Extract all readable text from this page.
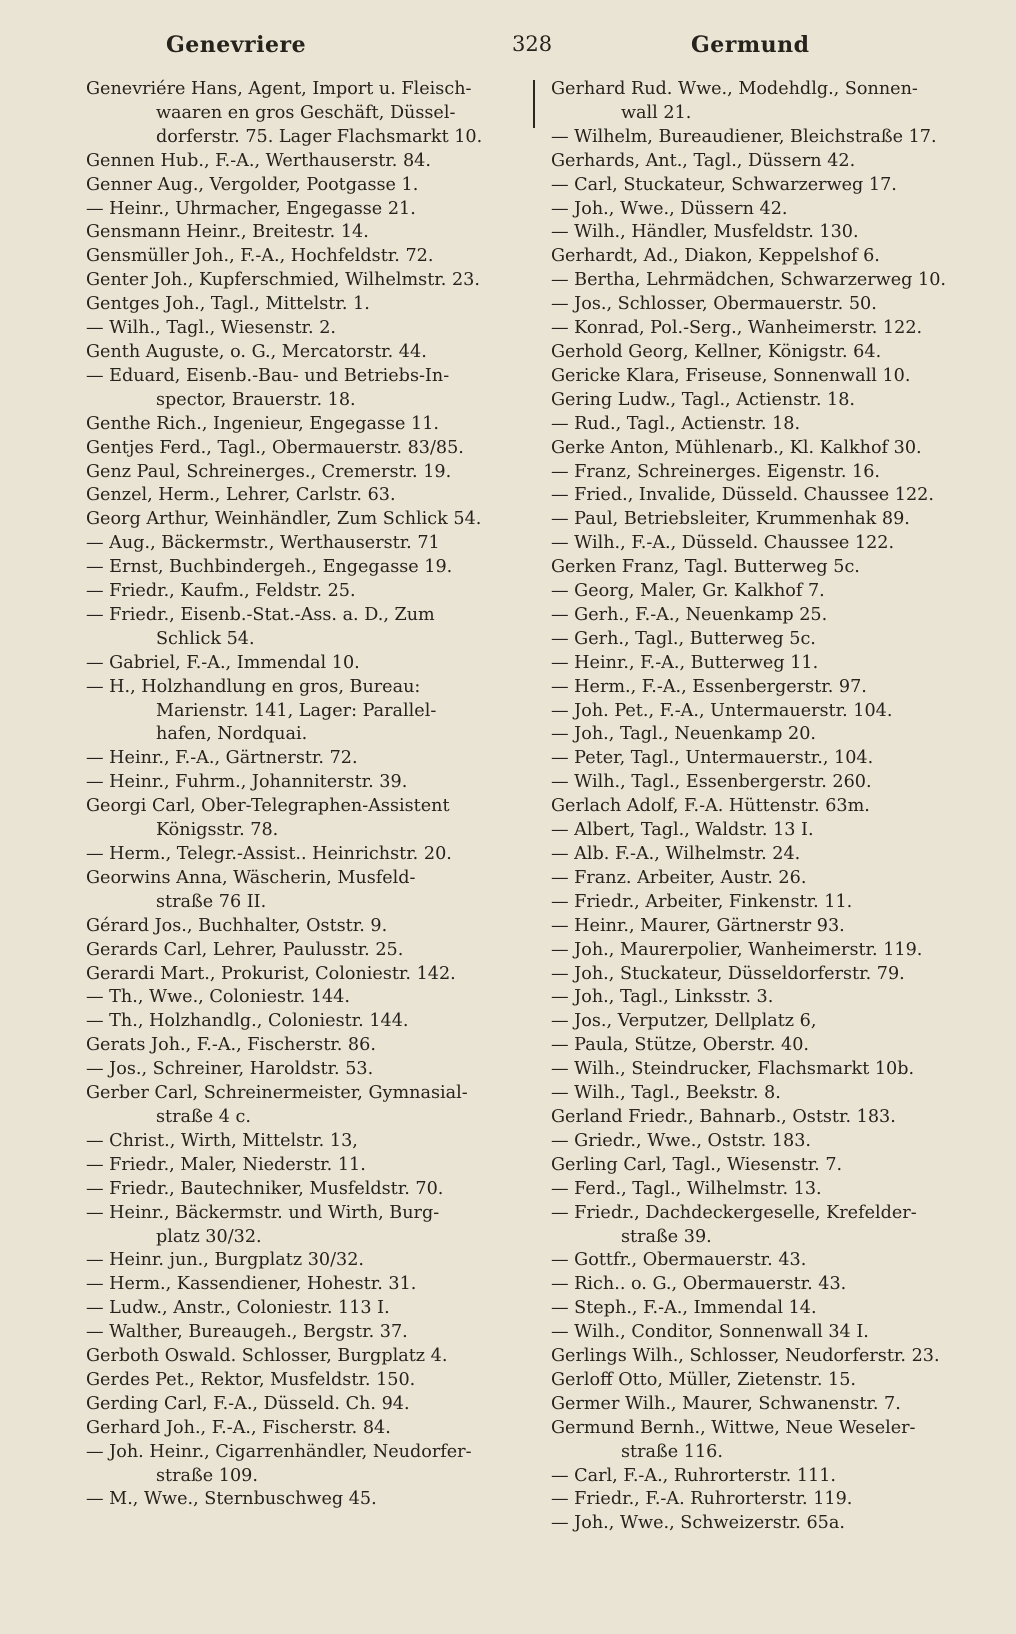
Genevriere	328	Germund

Genevriére Hans, Agent, Import u. Fleisch-
waaren en gros Geschäft, Düssel-
dorferstr. 75. Lager Flachsmarkt 10.

Gennen Hub., F.-A., Werthauserstr. 84.

Genner Aug., Vergolder, Pootgasse 1.

— Heinr., Uhrmacher, Engegasse 21.

Gensmann Heinr., Breitestr. 14.

Gensmüller Joh., F.-A., Hochfeldstr. 72.

Genter Joh., Kupferschmied, Wilhelmstr. 23.

Gentges Joh., Tagl., Mittelstr. 1.

— Wilh., Tagl., Wiesenstr. 2.

Genth Auguste, o. G., Mercatorstr. 44.

— Eduard, Eisenb.-Bau- und Betriebs-In-
spector, Brauerstr. 18.

Genthe Rich., Ingenieur, Engegasse 11.

Gentjes Ferd., Tagl., Obermauerstr. 83/85.

Genz Paul, Schreinerges., Cremerstr. 19.

Genzel, Herm., Lehrer, Carlstr. 63.

Georg Arthur, Weinhändler, Zum Schlick 54.

— Aug., Bäckermstr., Werthauserstr. 71

— Ernst, Buchbindergeh., Engegasse 19.

— Friedr., Kaufm., Feldstr. 25.

— Friedr., Eisenb.-Stat.-Ass. a. D., Zum
Schlick 54.

— Gabriel, F.-A., Immendal 10.

— H., Holzhandlung en gros, Bureau:
Marienstr. 141, Lager: Parallel-
hafen, Nordquai.

— Heinr., F.-A., Gärtnerstr. 72.

— Heinr., Fuhrm., Johanniterstr. 39.

Georgi Carl, Ober-Telegraphen-Assistent
Königsstr. 78.

— Herm., Telegr.-Assist.. Heinrichstr. 20.

Georwins Anna, Wäscherin, Musfeld-
straße 76 II.

Gérard Jos., Buchhalter, Oststr. 9.

Gerards Carl, Lehrer, Paulusstr. 25.

Gerardi Mart., Prokurist, Coloniestr. 142.

— Th., Wwe., Coloniestr. 144.

— Th., Holzhandlg., Coloniestr. 144.

Gerats Joh., F.-A., Fischerstr. 86.

— Jos., Schreiner, Haroldstr. 53.

Gerber Carl, Schreinermeister, Gymnasial-
straße 4 c.

— Christ., Wirth, Mittelstr. 13,

— Friedr., Maler, Niederstr. 11.

— Friedr., Bautechniker, Musfeldstr. 70.

— Heinr., Bäckermstr. und Wirth, Burg-
platz 30/32.

— Heinr. jun., Burgplatz 30/32.

— Herm., Kassendiener, Hohestr. 31.

— Ludw., Anstr., Coloniestr. 113 I.

— Walther, Bureaugeh., Bergstr. 37.

Gerboth Oswald. Schlosser, Burgplatz 4.

Gerdes Pet., Rektor, Musfeldstr. 150.

Gerding Carl, F.-A., Düsseld. Ch. 94.

Gerhard Joh., F.-A., Fischerstr. 84.

— Joh. Heinr., Cigarrenhändler, Neudorfer-
straße 109.

— M., Wwe., Sternbuschweg 45.

Gerhard Rud. Wwe., Modehdlg., Sonnen-
wall 21.

— Wilhelm, Bureaudiener, Bleichstraße 17.

Gerhards, Ant., Tagl., Düssern 42.

— Carl, Stuckateur, Schwarzerweg 17.

— Joh., Wwe., Düssern 42.

— Wilh., Händler, Musfeldstr. 130.

Gerhardt, Ad., Diakon, Keppelshof 6.

— Bertha, Lehrmädchen, Schwarzerweg 10.

— Jos., Schlosser, Obermauerstr. 50.

— Konrad, Pol.-Serg., Wanheimerstr. 122.

Gerhold Georg, Kellner, Königstr. 64.

Gericke Klara, Friseuse, Sonnenwall 10.

Gering Ludw., Tagl., Actienstr. 18.

— Rud., Tagl., Actienstr. 18.

Gerke Anton, Mühlenarb., Kl. Kalkhof 30.

— Franz, Schreinerges. Eigenstr. 16.

— Fried., Invalide, Düsseld. Chaussee 122.

— Paul, Betriebsleiter, Krummenhak 89.

— Wilh., F.-A., Düsseld. Chaussee 122.

Gerken Franz, Tagl. Butterweg 5c.

— Georg, Maler, Gr. Kalkhof 7.

— Gerh., F.-A., Neuenkamp 25.

— Gerh., Tagl., Butterweg 5c.

— Heinr., F.-A., Butterweg 11.

— Herm., F.-A., Essenbergerstr. 97.

— Joh. Pet., F.-A., Untermauerstr. 104.

— Joh., Tagl., Neuenkamp 20.

— Peter, Tagl., Untermauerstr., 104.

— Wilh., Tagl., Essenbergerstr. 260.

Gerlach Adolf, F.-A. Hüttenstr. 63m.

— Albert, Tagl., Waldstr. 13 I.

— Alb. F.-A., Wilhelmstr. 24.

— Franz. Arbeiter, Austr. 26.

— Friedr., Arbeiter, Finkenstr. 11.

— Heinr., Maurer, Gärtnerstr 93.

— Joh., Maurerpolier, Wanheimerstr. 119.

— Joh., Stuckateur, Düsseldorferstr. 79.

— Joh., Tagl., Linksstr. 3.

— Jos., Verputzer, Dellplatz 6,

— Paula, Stütze, Oberstr. 40.

— Wilh., Steindrucker, Flachsmarkt 10b.

— Wilh., Tagl., Beekstr. 8.

Gerland Friedr., Bahnarb., Oststr. 183.

— Griedr., Wwe., Oststr. 183.

Gerling Carl, Tagl., Wiesenstr. 7.

— Ferd., Tagl., Wilhelmstr. 13.

— Friedr., Dachdeckergeselle, Krefelder-
straße 39.

— Gottfr., Obermauerstr. 43.

— Rich.. o. G., Obermauerstr. 43.

— Steph., F.-A., Immendal 14.

— Wilh., Conditor, Sonnenwall 34 I.

Gerlings Wilh., Schlosser, Neudorferstr. 23.

Gerloff Otto, Müller, Zietenstr. 15.

Germer Wilh., Maurer, Schwanenstr. 7.

Germund Bernh., Wittwe, Neue Weseler-
straße 116.

— Carl, F.-A., Ruhrorterstr. 111.

— Friedr., F.-A. Ruhrorterstr. 119.

— Joh., Wwe., Schweizerstr. 65a.
